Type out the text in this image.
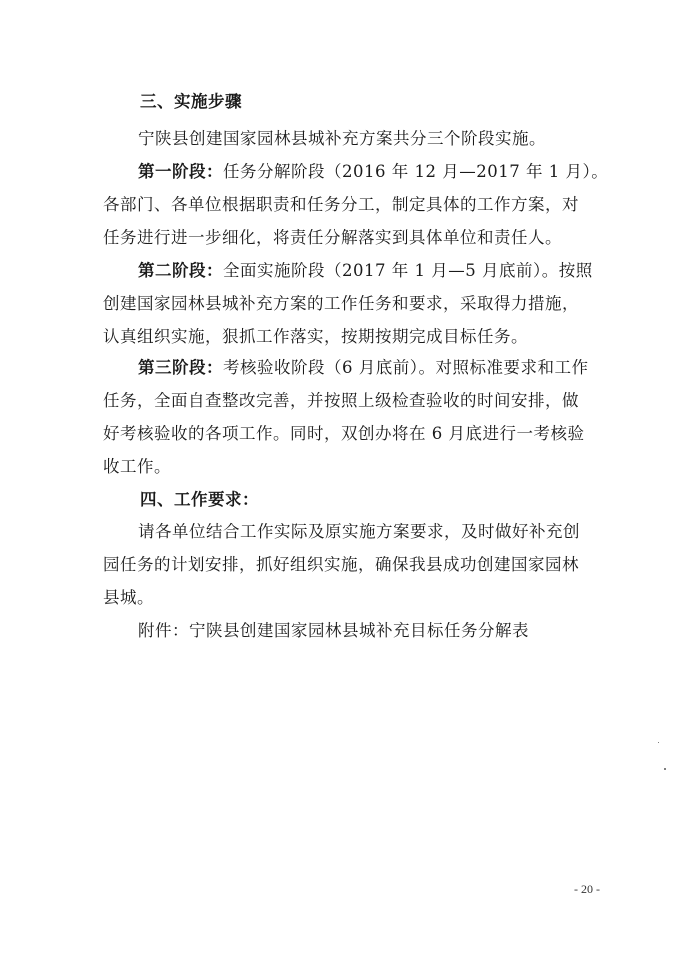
三、实施步骤
宁陕县创建国家园林县城补充方案共分三个阶段实施。
第一阶段：任务分解阶段（2016 年 12 月—2017 年 1 月）。
各部门、各单位根据职责和任务分工，制定具体的工作方案，对
任务进行进一步细化，将责任分解落实到具体单位和责任人。
第二阶段：全面实施阶段（2017 年 1 月—5 月底前）。按照
创建国家园林县城补充方案的工作任务和要求，采取得力措施，
认真组织实施，狠抓工作落实，按期按期完成目标任务。
第三阶段：考核验收阶段（6 月底前）。对照标准要求和工作
任务，全面自查整改完善，并按照上级检查验收的时间安排，做
好考核验收的各项工作。同时，双创办将在 6 月底进行一考核验
收工作。
四、工作要求：
请各单位结合工作实际及原实施方案要求，及时做好补充创
园任务的计划安排，抓好组织实施，确保我县成功创建国家园林
县城。
附件：宁陕县创建国家园林县城补充目标任务分解表
- 20 -
